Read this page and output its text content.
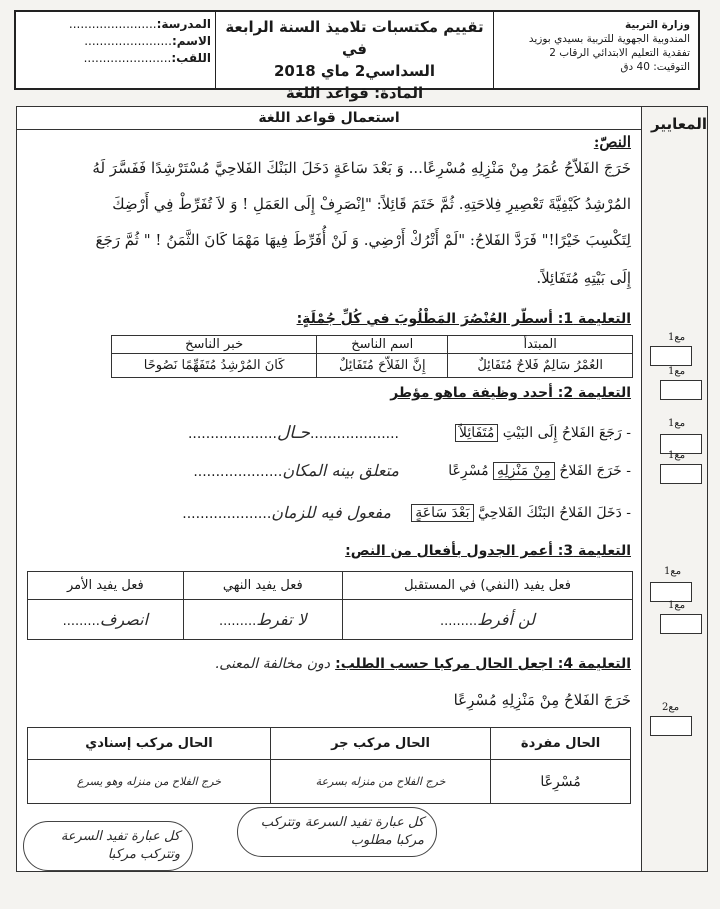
وزارة التربية
المندوبية الجهوية للتربية بسيدي بوزيد
تفقدية التعليم الابتدائي الرقاب 2
التوقيت: 40 دق
تقييم مكتسبات تلاميذ السنة الرابعة في
السداسي2 ماي 2018
المادة: قواعد اللغة
المدرسة:.......................
الاسم:.......................
اللقب:.......................
المعايير
مع1
مع1
مع1
مع1
مع1
مع1
مع2
استعمال قواعد اللغة
النصّ:
خَرَجَ الفَلاّحُ عُمَرُ مِنْ مَنْزِلِهِ مُسْرِعًا... وَ بَعْدَ سَاعَةٍ دَخَلَ البَنْكَ الفَلاحِيَّ مُسْتَرْشِدًا فَفَسَّرَ لَهُ
المُرْشِدُ كَيْفِيَّةَ تَعْصِيرِ فِلاحَتِهِ. ثُمَّ خَتَمَ قَائِلاً: "اِنْصَرِفْ إِلَى العَمَلِ ! وَ لاَ تُفَرِّطْ فِي أَرْضِكَ
لِتَكْسِبَ خَيْرًا!" فَرَدَّ الفَلاحُ: "لَمْ أَتْرُكْ أَرْضِي. وَ لَنْ أُفَرِّطَ فِيهَا مَهْمَا كَانَ الثَّمَنُ ! " ثُمَّ رَجَعَ
إِلَى بَيْتِهِ مُتَفَائِلاً.
التعليمة 1: أسطّر العُنْصُرَ المَطْلُوبَ في كُلِّ جُمْلَةٍ:
المبتدأ	اسم الناسخ	خبر الناسخ
العُمْرُ سَالِمٌ فَلاحٌ مُتَفَائِلٌ	إِنَّ الفَلاّحَ مُتَفَائِلٌ	كَانَ المُرْشِدُ مُتَفَهِّمًا نَصُوحًا
التعليمة 2: أحدد وظيفة ماهو مؤطر
- رَجَعَ الفَلاحُ إِلَى البَيْتِ مُتَفَائِلاً
....................حـال....................
- خَرَجَ الفَلاحُ مِنْ مَنْزِلِهِ مُسْرِعًا
متعلق بينه المكان....................
- دَخَلَ الفَلاحُ البَنْكَ الفَلاحِيَّ بَعْدَ سَاعَةٍ
مفعول فيه للزمان....................
التعليمة 3: أعمر الجدول بأفعال من النص:
فعل يفيد (النفي) في المستقبل	فعل يفيد النهي	فعل يفيد الأمر
لن أفرط.........	لا تفرط.........	انصرف.........
التعليمة 4: اجعل الحال مركبا حسب الطلب: دون مخالفة المعنى.
خَرَجَ الفَلاحُ مِنْ مَنْزِلِهِ مُسْرِعًا
الحال مفردة	الحال مركب جر	الحال مركب إسنادي
مُسْرِعًا	خرج الفلاح من منزله بسرعة	خرج الفلاح من منزله وهو يسرع
كل عبارة تفيد السرعة وتتركب مركبا مطلوب
كل عبارة تفيد السرعة وتتركب مركبا
